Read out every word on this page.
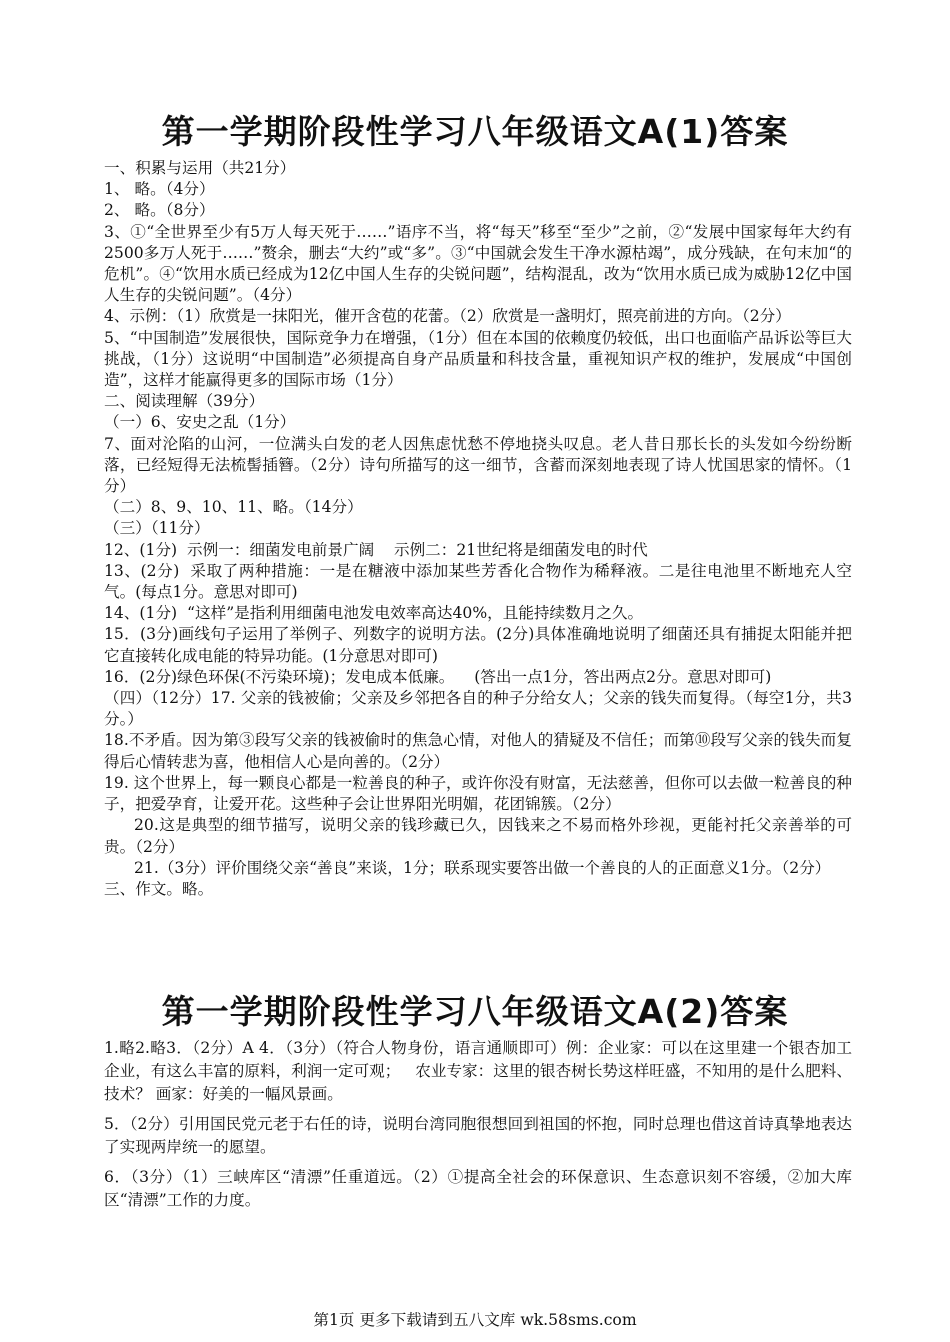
第一学期阶段性学习八年级语文A(1)答案

一、积累与运用（共21分）

1、 略。（4分）

2、 略。（8分）

3、①“全世界至少有5万人每天死于……”语序不当，将“每天”移至“至少”之前，②“发展中国家每年大约有2500多万人死于……”赘余，删去“大约”或“多”。③“中国就会发生干净水源枯竭”，成分残缺，在句末加“的危机”。④“饮用水质已经成为12亿中国人生存的尖锐问题”，结构混乱，改为“饮用水质已成为威胁12亿中国人生存的尖锐问题”。（4分）

4、示例：（1）欣赏是一抹阳光，催开含苞的花蕾。（2）欣赏是一盏明灯，照亮前进的方向。（2分）

5、“中国制造”发展很快，国际竞争力在增强，（1分）但在本国的依赖度仍较低，出口也面临产品诉讼等巨大挑战，（1分）这说明“中国制造”必须提高自身产品质量和科技含量，重视知识产权的维护，发展成“中国创造”，这样才能赢得更多的国际市场（1分）

二、阅读理解（39分）

（一）6、安史之乱（1分）

7、面对沦陷的山河，一位满头白发的老人因焦虑忧愁不停地挠头叹息。老人昔日那长长的头发如今纷纷断落，已经短得无法梳髻插簪。（2分）诗句所描写的这一细节，含蓄而深刻地表现了诗人忧国思家的情怀。（1分）

（二）8、9、10、11、略。（14分）

（三）（11分）

12、(1分)  示例一：细菌发电前景广阔    示例二：21世纪将是细菌发电的时代

13、(2分)  采取了两种措施：一是在糖液中添加某些芳香化合物作为稀释液。二是往电池里不断地充人空气。(每点1分。意思对即可)

14、(1分)  “这样”是指利用细菌电池发电效率高达40%，且能持续数月之久。

15．(3分)画线句子运用了举例子、列数字的说明方法。(2分)具体准确地说明了细菌还具有捕捉太阳能并把它直接转化成电能的特异功能。(1分意思对即可)

16．(2分)绿色环保(不污染环境)；发电成本低廉。    (答出一点1分，答出两点2分。意思对即可)

（四）（12分）17. 父亲的钱被偷；父亲及乡邻把各自的种子分给女人；父亲的钱失而复得。（每空1分，共3分。）

18.不矛盾。因为第③段写父亲的钱被偷时的焦急心情，对他人的猜疑及不信任；而第⑩段写父亲的钱失而复得后心情转悲为喜，他相信人心是向善的。（2分）

19. 这个世界上，每一颗良心都是一粒善良的种子，或许你没有财富，无法慈善，但你可以去做一粒善良的种子，把爱孕育，让爱开花。这些种子会让世界阳光明媚，花团锦簇。（2分）

20.这是典型的细节描写，说明父亲的钱珍藏已久，因钱来之不易而格外珍视，更能衬托父亲善举的可贵。（2分）

21.（3分）评价围绕父亲“善良”来谈，1分；联系现实要答出做一个善良的人的正面意义1分。（2分）

三、作文。略。

第一学期阶段性学习八年级语文A(2)答案

1.略2.略3．（2分）A 4．（3分）（符合人物身份，语言通顺即可）例：企业家：可以在这里建一个银杏加工企业，有这么丰富的原料，利润一定可观；   农业专家：这里的银杏树长势这样旺盛，不知用的是什么肥料、技术？ 画家：好美的一幅风景画。

5．（2分）引用国民党元老于右任的诗，说明台湾同胞很想回到祖国的怀抱，同时总理也借这首诗真挚地表达了实现两岸统一的愿望。

6．（3分）（1）三峡库区“清漂”任重道远。（2）①提高全社会的环保意识、生态意识刻不容缓，②加大库区“清漂”工作的力度。

第1页 更多下载请到五八文库 wk.58sms.com
